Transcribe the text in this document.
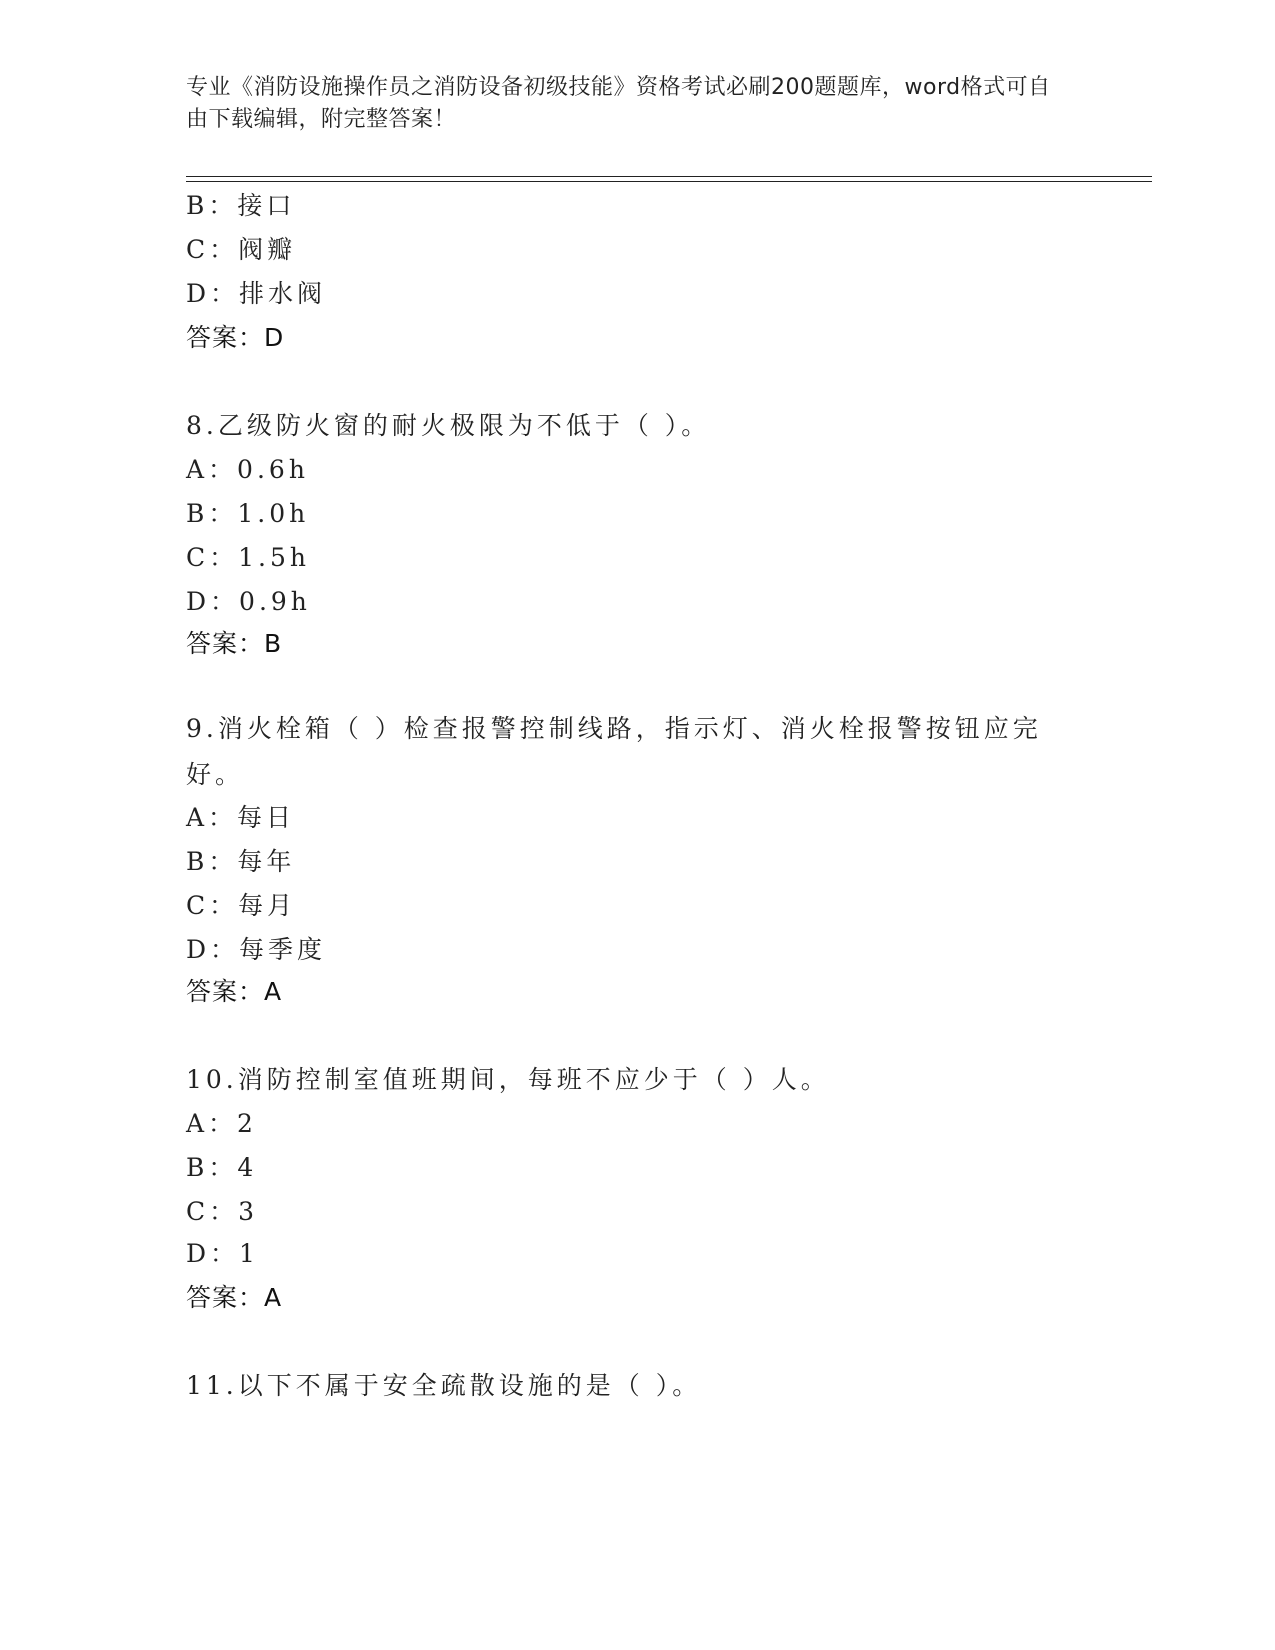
专业《消防设施操作员之消防设备初级技能》资格考试必刷200题题库，word格式可自由下载编辑，附完整答案！
B：接口
C：阀瓣
D：排水阀
答案：D
8.乙级防火窗的耐火极限为不低于（ ）。
A：0.6h
B：1.0h
C：1.5h
D：0.9h
答案：B
9.消火栓箱（ ）检查报警控制线路，指示灯、消火栓报警按钮应完好。
A：每日
B：每年
C：每月
D：每季度
答案：A
10.消防控制室值班期间，每班不应少于（ ）人。
A：2
B：4
C：3
D：1
答案：A
11.以下不属于安全疏散设施的是（ ）。
